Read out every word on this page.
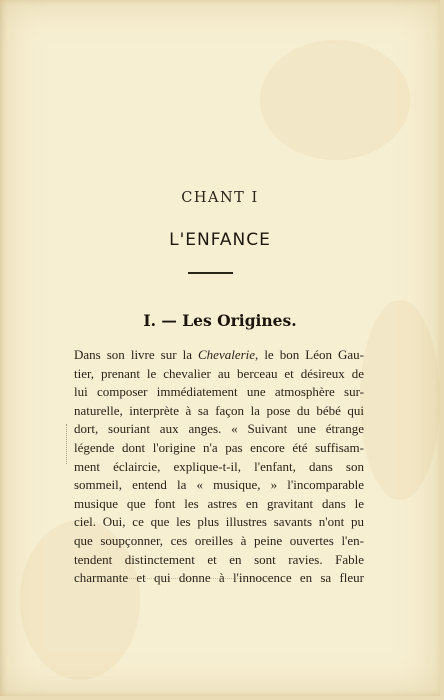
CHANT I
L'ENFANCE
I. — Les Origines.
Dans son livre sur la Chevalerie, le bon Léon Gau-
tier, prenant le chevalier au berceau et désireux de
lui composer immédiatement une atmosphère sur-
naturelle, interprète à sa façon la pose du bébé qui
dort, souriant aux anges. « Suivant une étrange
légende dont l'origine n'a pas encore été suffisam-
ment éclaircie, explique-t-il, l'enfant, dans son
sommeil, entend la « musique, » l'incomparable
musique que font les astres en gravitant dans le
ciel. Oui, ce que les plus illustres savants n'ont pu
que soupçonner, ces oreilles à peine ouvertes l'en-
tendent distinctement et en sont ravies. Fable
charmante et qui donne à l'innocence en sa fleur
